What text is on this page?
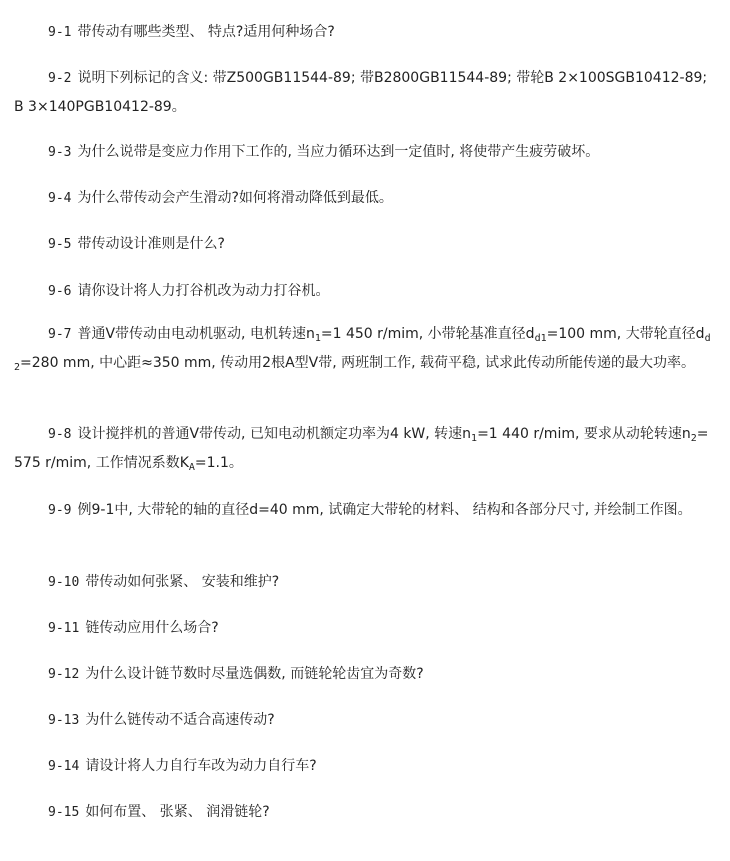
9-1 带传动有哪些类型、 特点?适用何种场合?
9-2 说明下列标记的含义: 带Z500GB11544-89; 带B2800GB11544-89; 带轮B 2×100SGB10412-89; B 3×140PGB10412-89。
9-3 为什么说带是变应力作用下工作的, 当应力循环达到一定值时, 将使带产生疲劳破坏。
9-4 为什么带传动会产生滑动?如何将滑动降低到最低。
9-5 带传动设计准则是什么?
9-6 请你设计将人力打谷机改为动力打谷机。
9-7 普通V带传动由电动机驱动, 电机转速$n_1=1$ 450 r/mim, 小带轮基准直径$d_{d1}=100$ mm, 大带轮直径$d_{d2}=280$ mm, 中心距≈350 mm, 传动用2根A型V带, 两班制工作, 载荷平稳, 试求此传动所能传递的最大功率。
9-8 设计搅拌机的普通V带传动, 已知电动机额定功率为4 kW, 转速$n_1=1$ 440 r/mim, 要求从动轮转速$n_2=575$ r/mim, 工作情况系数$K_A=1.1$。
9-9 例9-1中, 大带轮的轴的直径d=40 mm, 试确定大带轮的材料、 结构和各部分尺寸, 并绘制工作图。
9-10 带传动如何张紧、 安装和维护?
9-11 链传动应用什么场合?
9-12 为什么设计链节数时尽量选偶数, 而链轮轮齿宜为奇数?
9-13 为什么链传动不适合高速传动?
9-14 请设计将人力自行车改为动力自行车?
9-15 如何布置、 张紧、 润滑链轮?
